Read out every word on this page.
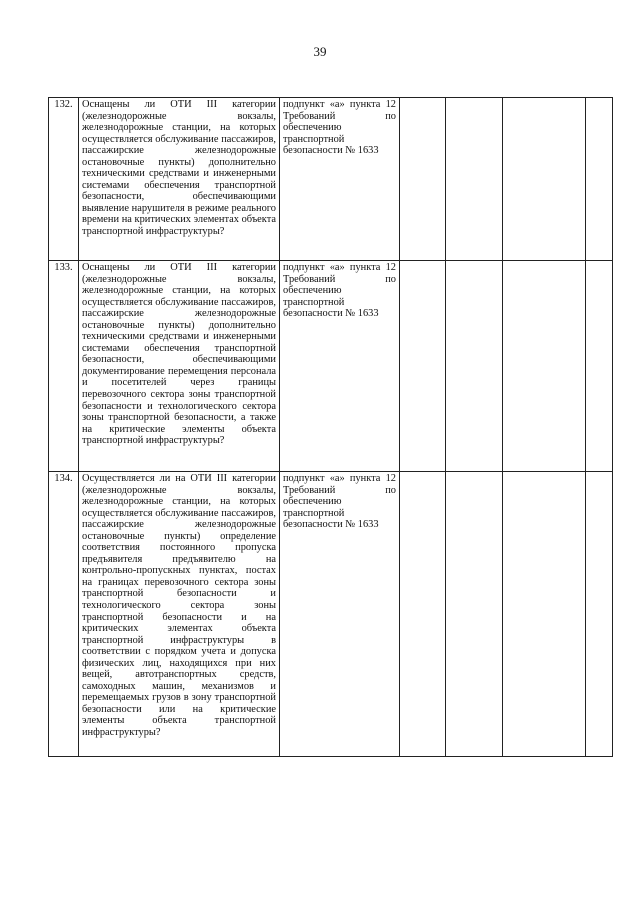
39
132.	Оснащены ли ОТИ III категории (железнодорожные вокзалы, железнодорожные станции, на которых осуществляется обслуживание пассажиров, пассажирские железнодорожные остановочные пункты) дополнительно техническими средствами и инженерными системами обеспечения транспортной безопасности, обеспечивающими выявление нарушителя в режиме реального времени на критических элементах объекта транспортной инфраструктуры?	подпункт «а» пункта 12 Требований по обеспечению транспортной безопасности № 1633				
133.	Оснащены ли ОТИ III категории (железнодорожные вокзалы, железнодорожные станции, на которых осуществляется обслуживание пассажиров, пассажирские железнодорожные остановочные пункты) дополнительно техническими средствами и инженерными системами обеспечения транспортной безопасности, обеспечивающими документирование перемещения персонала и посетителей через границы перевозочного сектора зоны транспортной безопасности и технологического сектора зоны транспортной безопасности, а также на критические элементы объекта транспортной инфраструктуры?	подпункт «а» пункта 12 Требований по обеспечению транспортной безопасности № 1633				
134.	Осуществляется ли на ОТИ III категории (железнодорожные вокзалы, железнодорожные станции, на которых осуществляется обслуживание пассажиров, пассажирские железнодорожные остановочные пункты) определение соответствия постоянного пропуска предъявителя предъявителю на контрольно-пропускных пунктах, постах на границах перевозочного сектора зоны транспортной безопасности и технологического сектора зоны транспортной безопасности и на критических элементах объекта транспортной инфраструктуры в соответствии с порядком учета и допуска физических лиц, находящихся при них вещей, автотранспортных средств, самоходных машин, механизмов и перемещаемых грузов в зону транспортной безопасности или на критические элементы объекта транспортной инфраструктуры?	подпункт «а» пункта 12 Требований по обеспечению транспортной безопасности № 1633				
